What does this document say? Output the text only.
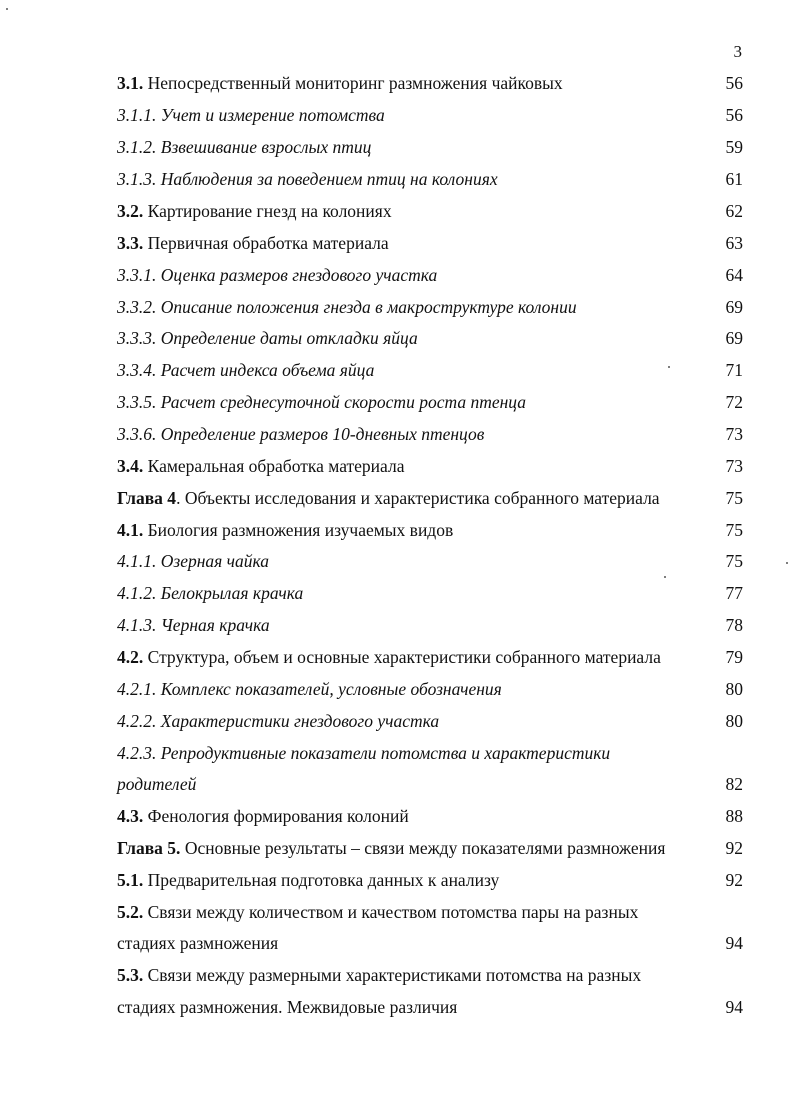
3
3.1. Непосредственный мониторинг размножения чайковых	56
3.1.1. Учет и измерение потомства	56
3.1.2. Взвешивание взрослых птиц	59
3.1.3. Наблюдения за поведением птиц на колониях	61
3.2. Картирование гнезд на колониях	62
3.3. Первичная обработка материала	63
3.3.1. Оценка размеров гнездового участка	64
3.3.2. Описание положения гнезда в макроструктуре колонии	69
3.3.3. Определение даты откладки яйца	69
3.3.4. Расчет индекса объема яйца	71
3.3.5. Расчет среднесуточной скорости роста птенца	72
3.3.6. Определение размеров 10-дневных птенцов	73
3.4. Камеральная обработка материала	73
Глава 4. Объекты исследования и характеристика собранного материала	75
4.1. Биология размножения изучаемых видов	75
4.1.1. Озерная чайка	75
4.1.2. Белокрылая крачка	77
4.1.3. Черная крачка	78
4.2. Структура, объем и основные характеристики собранного материала	79
4.2.1. Комплекс показателей, условные обозначения	80
4.2.2. Характеристики гнездового участка	80
4.2.3. Репродуктивные показатели потомства и характеристики
родителей	82
4.3. Фенология формирования колоний	88
Глава 5. Основные результаты – связи между показателями размножения	92
5.1. Предварительная подготовка данных к анализу	92
5.2. Связи между количеством и качеством потомства пары на разных
стадиях размножения	94
5.3. Связи между размерными характеристиками потомства на разных
стадиях размножения. Межвидовые различия	94
